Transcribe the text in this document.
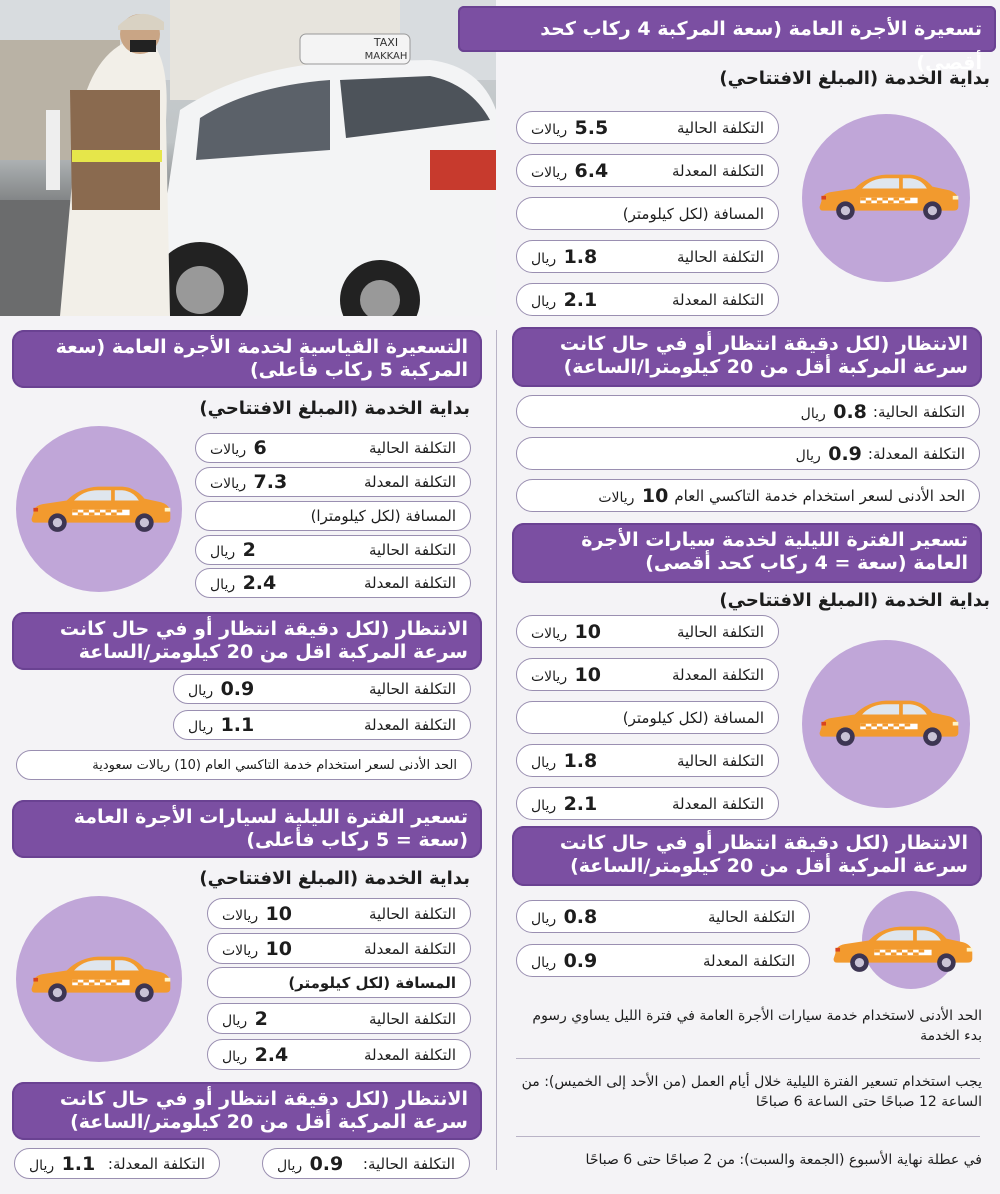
TAXI
MAKKAH
تسعيرة الأجرة العامة (سعة المركبة 4 ركاب كحد أقصى)
بداية الخدمة (المبلغ الافتتاحي)
التكلفة الحالية
5.5 ريالات
التكلفة المعدلة
6.4 ريالات
المسافة (لكل كيلومتر)
التكلفة الحالية
1.8 ريال
التكلفة المعدلة
2.1 ريال
الانتظار (لكل دقيقة انتظار أو في حال كانت سرعة المركبة أقل من 20 كيلومترا/الساعة)
التكلفة الحالية:
0.8 ريال
التكلفة المعدلة:
0.9 ريال
الحد الأدنى لسعر استخدام خدمة التاكسي العام
10 ريالات
تسعير الفترة الليلية لخدمة سيارات الأجرة العامة (سعة = 4 ركاب كحد أقصى)
بداية الخدمة (المبلغ الافتتاحي)
التكلفة الحالية
10 ريالات
التكلفة المعدلة
10 ريالات
المسافة (لكل كيلومتر)
التكلفة الحالية
1.8 ريال
التكلفة المعدلة
2.1 ريال
الانتظار (لكل دقيقة انتظار أو في حال كانت سرعة المركبة أقل من 20 كيلومتر/الساعة)
التكلفة الحالية
0.8 ريال
التكلفة المعدلة
0.9 ريال
الحد الأدنى لاستخدام خدمة سيارات الأجرة العامة في فترة الليل يساوي رسوم بدء الخدمة
يجب استخدام تسعير الفترة الليلية خلال أيام العمل (من الأحد إلى الخميس): من الساعة 12 صباحًا حتى الساعة 6 صباحًا
في عطلة نهاية الأسبوع (الجمعة والسبت): من 2 صباحًا حتى 6 صباحًا
التسعيرة القياسية لخدمة الأجرة العامة (سعة المركبة 5 ركاب فأعلى)
بداية الخدمة (المبلغ الافتتاحي)
التكلفة الحالية
6 ريالات
التكلفة المعدلة
7.3 ريالات
المسافة (لكل كيلومترا)
التكلفة الحالية
2 ريال
التكلفة المعدلة
2.4 ريال
الانتظار (لكل دقيقة انتظار أو في حال كانت سرعة المركبة اقل من 20 كيلومتر/الساعة
التكلفة الحالية
0.9 ريال
التكلفة المعدلة
1.1 ريال
الحد الأدنى لسعر استخدام خدمة التاكسي العام (10) ريالات سعودية
تسعير الفترة الليلية لسيارات الأجرة العامة (سعة = 5 ركاب فأعلى)
بداية الخدمة (المبلغ الافتتاحي)
التكلفة الحالية
10 ريالات
التكلفة المعدلة
10 ريالات
المسافة (لكل كيلومتر)
التكلفة الحالية
2 ريال
التكلفة المعدلة
2.4 ريال
الانتظار (لكل دقيقة انتظار أو في حال كانت سرعة المركبة أقل من 20 كيلومتر/الساعة)
التكلفة الحالية:
0.9 ريال
التكلفة المعدلة:
1.1 ريال
